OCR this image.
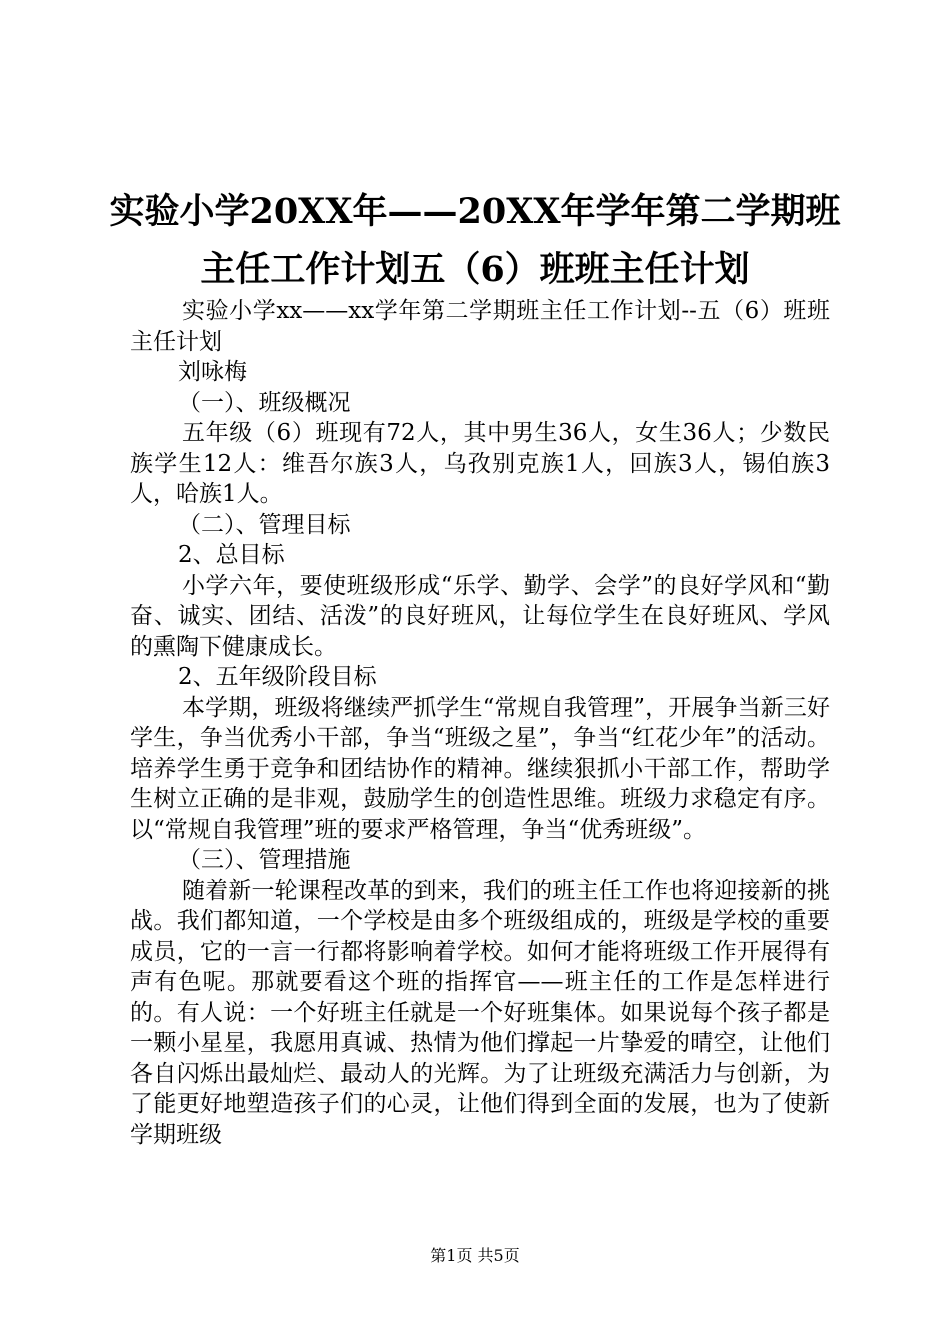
实验小学20XX年——20XX年学年第二学期班
主任工作计划五（6）班班主任计划

实验小学xx——xx学年第二学期班主任工作计划--五（6）班班主任计划

刘咏梅

（一）、班级概况

五年级（6）班现有72人，其中男生36人，女生36人；少数民族学生12人：维吾尔族3人，乌孜别克族1人，回族3人，锡伯族3人，哈族1人。

（二）、管理目标

2、总目标

小学六年，要使班级形成“乐学、勤学、会学”的良好学风和“勤奋、诚实、团结、活泼”的良好班风，让每位学生在良好班风、学风的熏陶下健康成长。

2、五年级阶段目标

本学期，班级将继续严抓学生“常规自我管理”，开展争当新三好学生，争当优秀小干部，争当“班级之星”，争当“红花少年”的活动。培养学生勇于竞争和团结协作的精神。继续狠抓小干部工作，帮助学生树立正确的是非观，鼓励学生的创造性思维。班级力求稳定有序。以“常规自我管理”班的要求严格管理，争当“优秀班级”。

（三）、管理措施

随着新一轮课程改革的到来，我们的班主任工作也将迎接新的挑战。我们都知道，一个学校是由多个班级组成的，班级是学校的重要成员，它的一言一行都将影响着学校。如何才能将班级工作开展得有声有色呢。那就要看这个班的指挥官——班主任的工作是怎样进行的。有人说：一个好班主任就是一个好班集体。如果说每个孩子都是一颗小星星，我愿用真诚、热情为他们撑起一片挚爱的晴空，让他们各自闪烁出最灿烂、最动人的光辉。为了让班级充满活力与创新，为了能更好地塑造孩子们的心灵，让他们得到全面的发展，也为了使新学期班级

第1页 共5页
